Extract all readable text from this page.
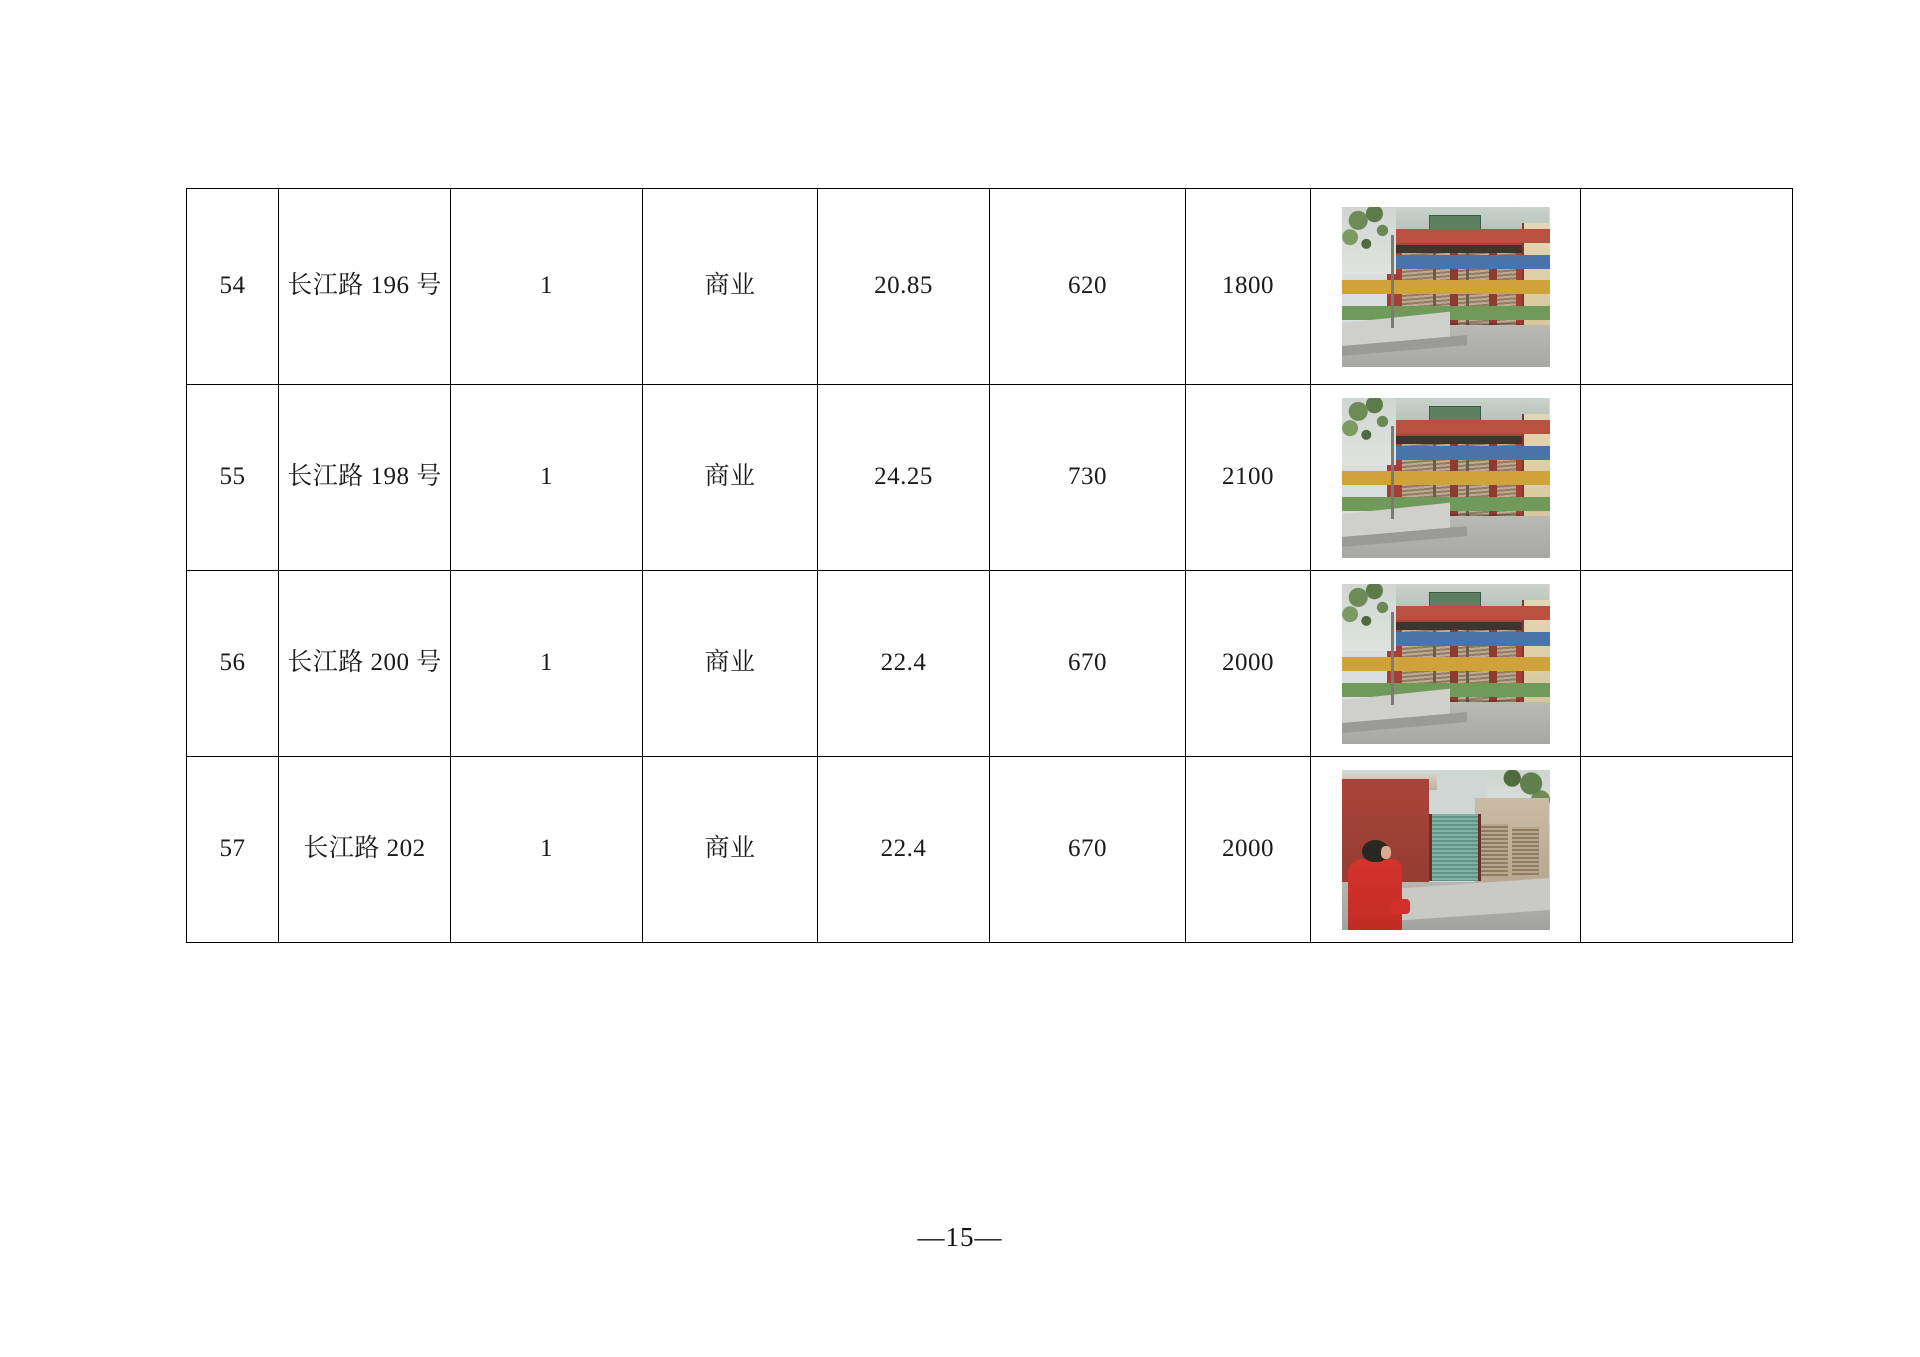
54	长江路 196 号	1	商业	20.85	620	1800	

55	长江路 198 号	1	商业	24.25	730	2100	

56	长江路 200 号	1	商业	22.4	670	2000	

57	长江路 202	1	商业	22.4	670	2000	

—15—
